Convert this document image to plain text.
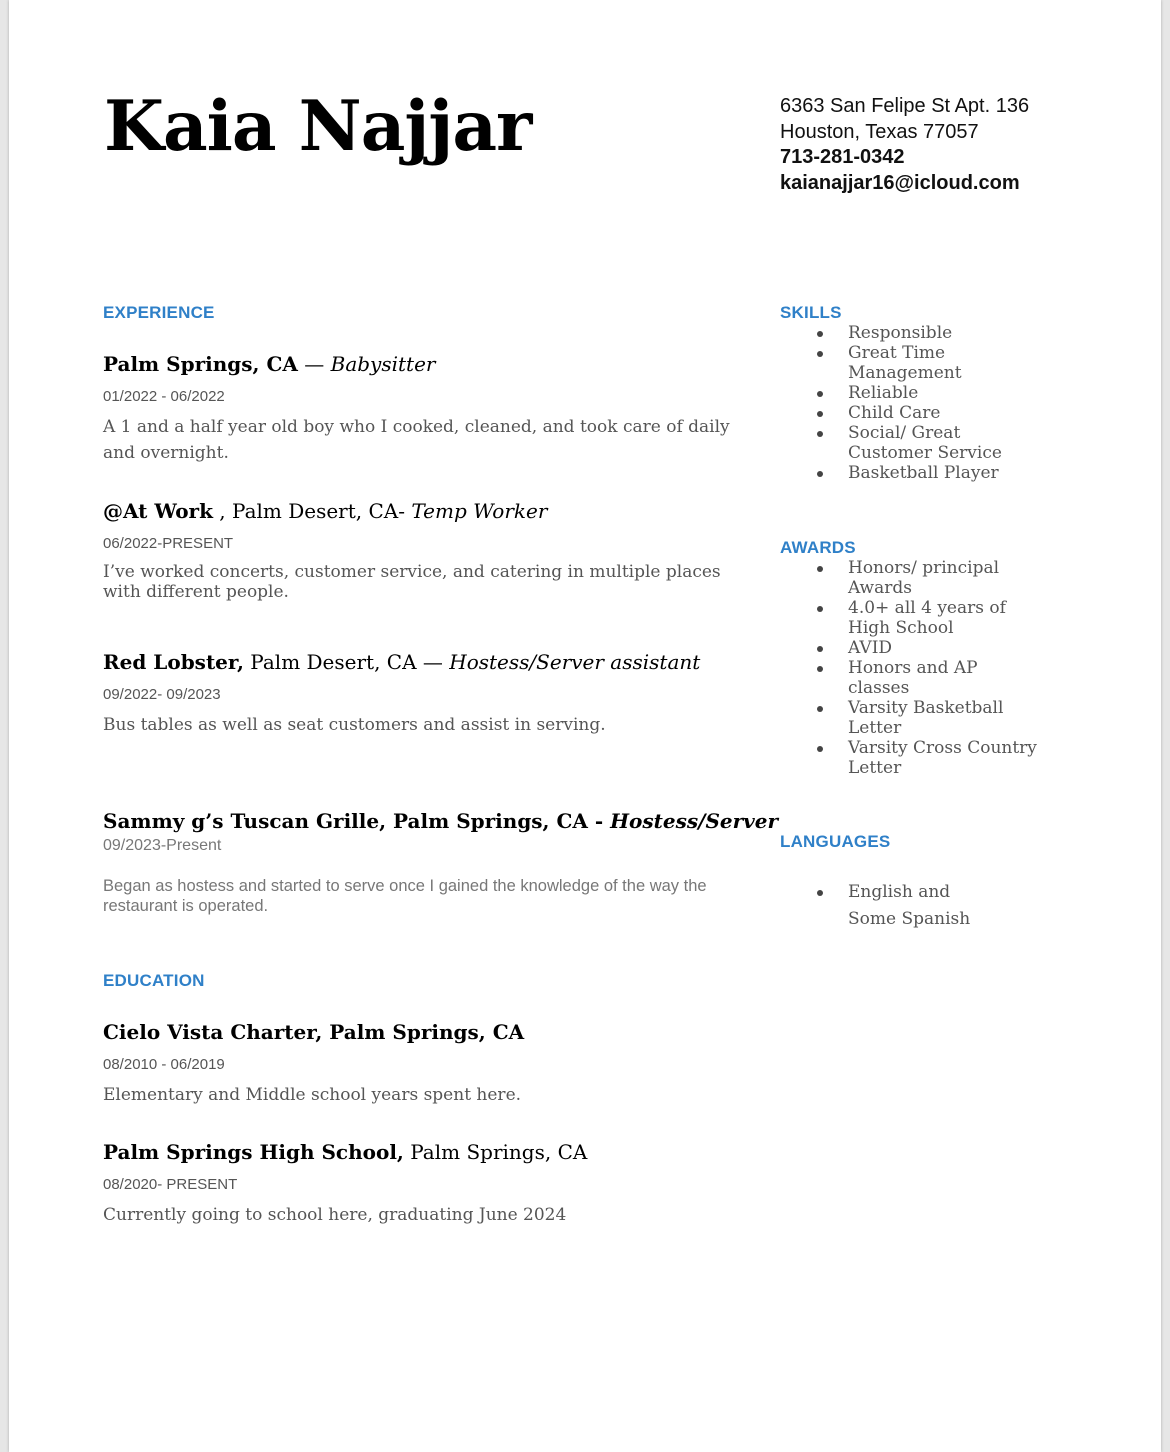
Kaia Najjar	6363 San Felipe St Apt. 136
Houston, Texas 77057
713-281-0342
kaianajjar16@icloud.com
EXPERIENCE
Palm Springs, CA — Babysitter
01/2022 - 06/2022
A 1 and a half year old boy who I cooked, cleaned, and took care of daily and overnight.
@At Work , Palm Desert, CA- Temp Worker
06/2022-PRESENT
I’ve worked concerts, customer service, and catering in multiple places with different people.
Red Lobster, Palm Desert, CA — Hostess/Server assistant
09/2022- 09/2023
Bus tables as well as seat customers and assist in serving.
Sammy g’s Tuscan Grille, Palm Springs, CA - Hostess/Server
09/2023-Present
Began as hostess and started to serve once I gained the knowledge of the way the restaurant is operated.
EDUCATION
Cielo Vista Charter, Palm Springs, CA
08/2010 - 06/2019
Elementary and Middle school years spent here.
Palm Springs High School, Palm Springs, CA
08/2020- PRESENT
Currently going to school here, graduating June 2024
SKILLS
Responsible
Great Time Management
Reliable
Child Care
Social/ Great Customer Service
Basketball Player
AWARDS
Honors/ principal Awards
4.0+ all 4 years of High School
AVID
Honors and AP classes
Varsity Basketball Letter
Varsity Cross Country Letter
LANGUAGES
English and Some Spanish
